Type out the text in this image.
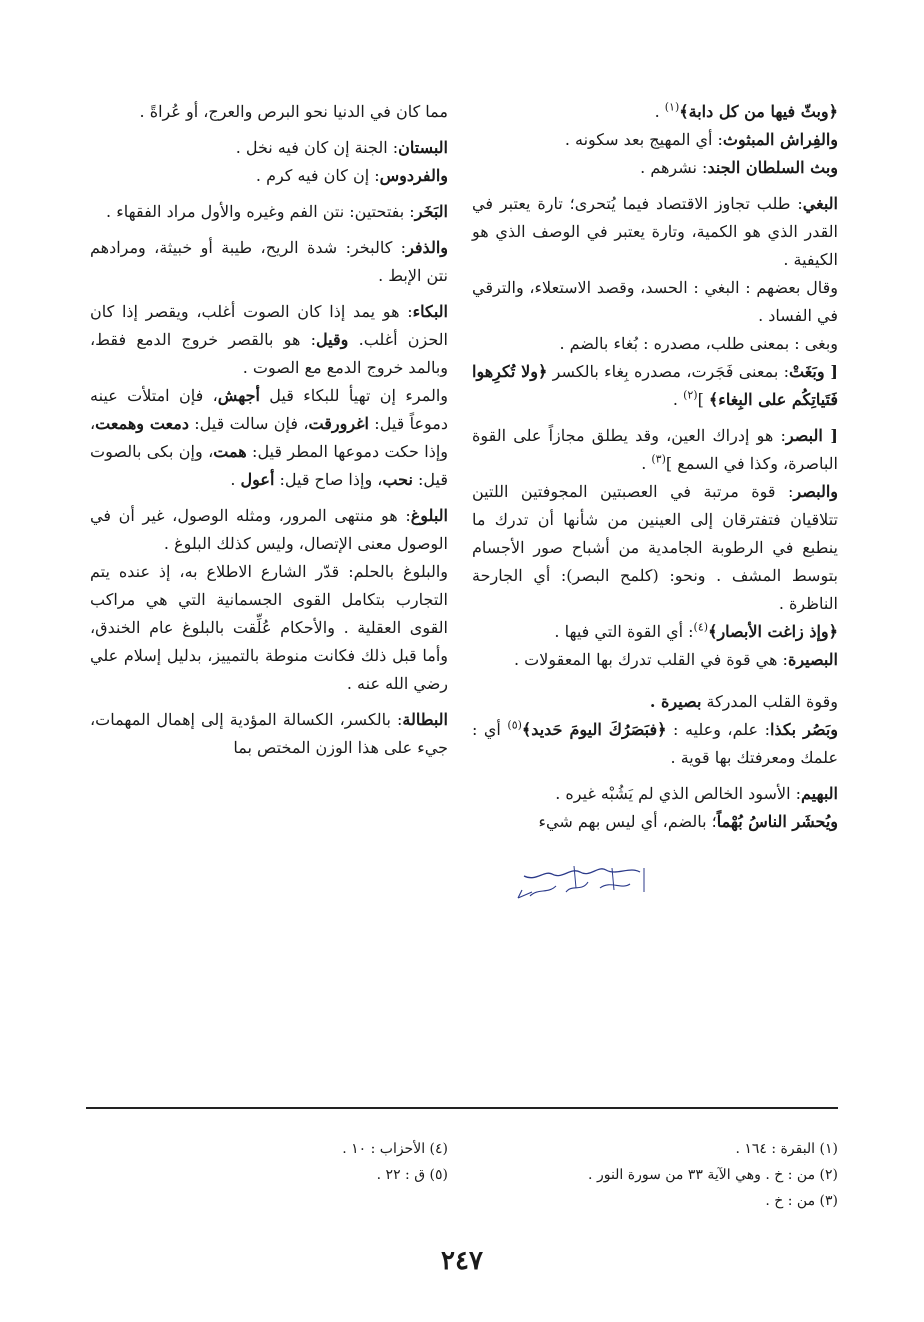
﴿وبثّ فيها من كل دابة﴾$^{(١)}$ .

والفِراش المبثوث: أي المهيج بعد سكونه .

وبث السلطان الجند: نشرهم .

البغي: طلب تجاوز الاقتصاد فيما يُتحرى؛ تارة يعتبر في القدر الذي هو الكمية، وتارة يعتبر في الوصف الذي هو الكيفية .

وقال بعضهم : البغي : الحسد، وقصد الاستعلاء، والترقي في الفساد .

وبغى : بمعنى طلب، مصدره : بُغاء بالضم .

[ وبَغَتْ: بمعنى فَجَرت، مصدره بِغاء بالكسر ﴿ولا تُكرِهوا فَتَياتِكُم على البِغاء﴾ ]$^{(٢)}$ .

[ البصر: هو إدراك العين، وقد يطلق مجازاً على القوة الباصرة، وكذا في السمع ]$^{(٣)}$ .

والبصر: قوة مرتبة في العصبتين المجوفتين اللتين تتلاقيان فتفترقان إلى العينين من شأنها أن تدرك ما ينطبع في الرطوبة الجامدية من أشباح صور الأجسام بتوسط المشف . ونحو: (كلمح البصر): أي الجارحة الناظرة .

﴿وإذ زاغت الأبصار﴾$^{(٤)}$: أي القوة التي فيها .

البصيرة: هي قوة في القلب تدرك بها المعقولات .

وقوة القلب المدركة بصيرة .

وبَصُر بكذا: علم، وعليه : ﴿فبَصَرُكَ اليومَ حَديد﴾$^{(٥)}$ أي : علمك ومعرفتك بها قوية .

البهيم: الأسود الخالص الذي لم يَشُبْه غيره .

ويُحشَر الناسُ بُهْماً؛ بالضم، أي ليس بهم شيء

مما كان في الدنيا نحو البرص والعرج، أو عُراةً .

البستان: الجنة إن كان فيه نخل .

والفردوس: إن كان فيه كرم .

البَخَر: بفتحتين: نتن الفم وغيره والأول مراد الفقهاء .

والذفر: كالبخر: شدة الريح، طيبة أو خبيثة، ومرادهم نتن الإبط .

البكاء: هو يمد إذا كان الصوت أغلب، ويقصر إذا كان الحزن أغلب. وقيل: هو بالقصر خروج الدمع فقط، وبالمد خروج الدمع مع الصوت .

والمرء إن تهيأ للبكاء قيل أجهش، فإن امتلأت عينه دموعاً قيل: اغرورقت، فإن سالت قيل: دمعت وهمعت، وإذا حكت دموعها المطر قيل: همت، وإن بكى بالصوت قيل: نحب، وإذا صاح قيل: أعول .

البلوغ: هو منتهى المرور، ومثله الوصول، غير أن في الوصول معنى الإتصال، وليس كذلك البلوغ .

والبلوغ بالحلم: قدّر الشارع الاطلاع به، إذ عنده يتم التجارب بتكامل القوى الجسمانية التي هي مراكب القوى العقلية . والأحكام عُلِّقت بالبلوغ عام الخندق، وأما قبل ذلك فكانت منوطة بالتمييز، بدليل إسلام علي رضي الله عنه .

البطالة: بالكسر، الكسالة المؤدية إلى إهمال المهمات، جيء على هذا الوزن المختص بما

(١) البقرة : ١٦٤ .
(٢) من : خ . وهي الآية ٣٣ من سورة النور .
(٣) من : خ .
(٤) الأحزاب : ١٠ .
(٥) ق : ٢٢ .
٢٤٧
